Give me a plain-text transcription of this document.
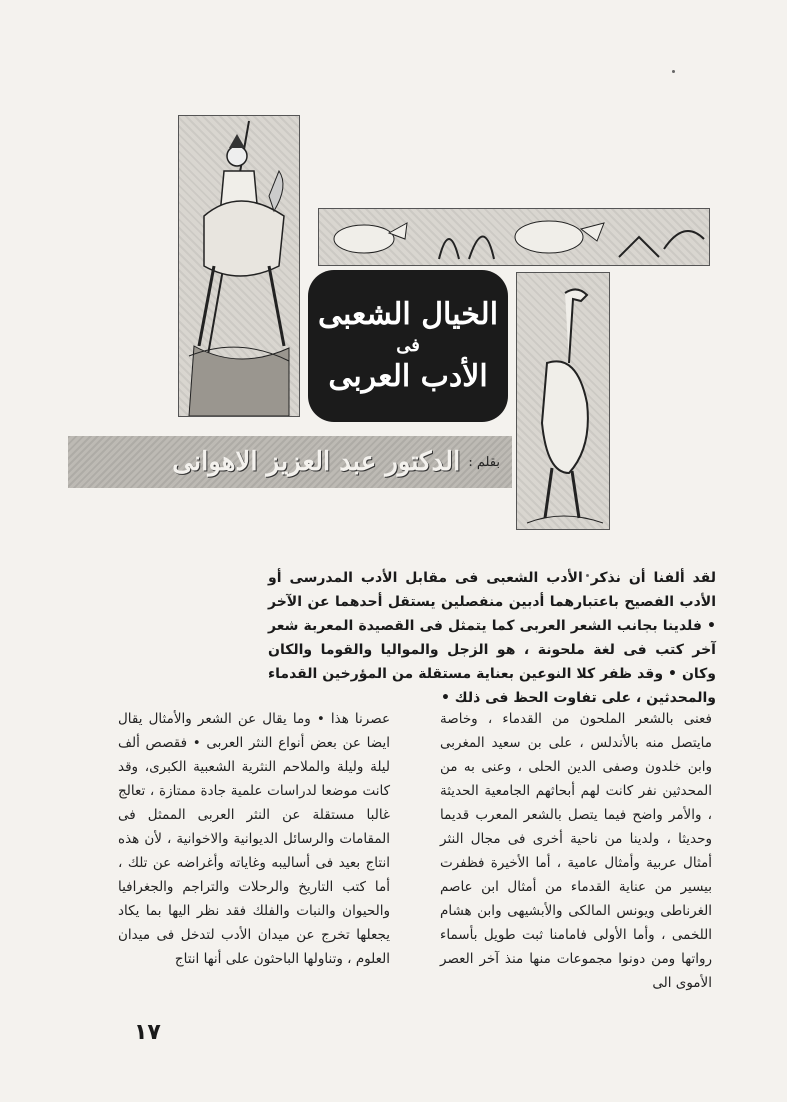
الخيال الشعبى
فى
الأدب العربى
بقلم :
الدكتور عبد العزيز الاهوانى
لقد ألفنا أن نذكر الأدب الشعبى فى مقابل الأدب المدرسى أو الأدب الفصيح باعتبارهما أدبين منفصلين يستقل أحدهما عن الآخر • فلدينا بجانب الشعر العربى كما يتمثل فى القصيدة المعربة شعر آخر كتب فى لغة ملحونة ، هو الزجل والمواليا والقوما والكان وكان • وقد ظفر كلا النوعين بعناية مستقلة من المؤرخين القدماء والمحدثين ، على تفاوت الحظ فى ذلك •
فعنى بالشعر الملحون من القدماء ، وخاصة مايتصل منه بالأندلس ، على بن سعيد المغربى وابن خلدون وصفى الدين الحلى ، وعنى به من المحدثين نفر كانت لهم أبحاثهم الجامعية الحديثة ، والأمر واضح فيما يتصل بالشعر المعرب قديما وحديثا ، ولدينا من ناحية أخرى فى مجال النثر أمثال عربية وأمثال عامية ، أما الأخيرة فظفرت بيسير من عناية القدماء من أمثال ابن عاصم الغرناطى ويونس المالكى والأبشيهى وابن هشام اللخمى ، وأما الأولى فامامنا ثبت طويل بأسماء رواتها ومن دونوا مجموعات منها منذ آخر العصر الأموى الى
عصرنا هذا • وما يقال عن الشعر والأمثال يقال ايضا عن بعض أنواع النثر العربى • فقصص ألف ليلة وليلة والملاحم النثرية الشعبية الكبرى، وقد كانت موضعا لدراسات علمية جادة ممتازة ، تعالج غالبا مستقلة عن النثر العربى الممثل فى المقامات والرسائل الديوانية والاخوانية ، لأن هذه انتاج بعيد فى أساليبه وغاياته وأغراضه عن تلك ، أما كتب التاريخ والرحلات والتراجم والجغرافيا والحيوان والنبات والفلك فقد نظر اليها بما يكاد يجعلها تخرج عن ميدان الأدب لتدخل فى ميدان العلوم ، وتناولها الباحثون على أنها انتاج
١٧
